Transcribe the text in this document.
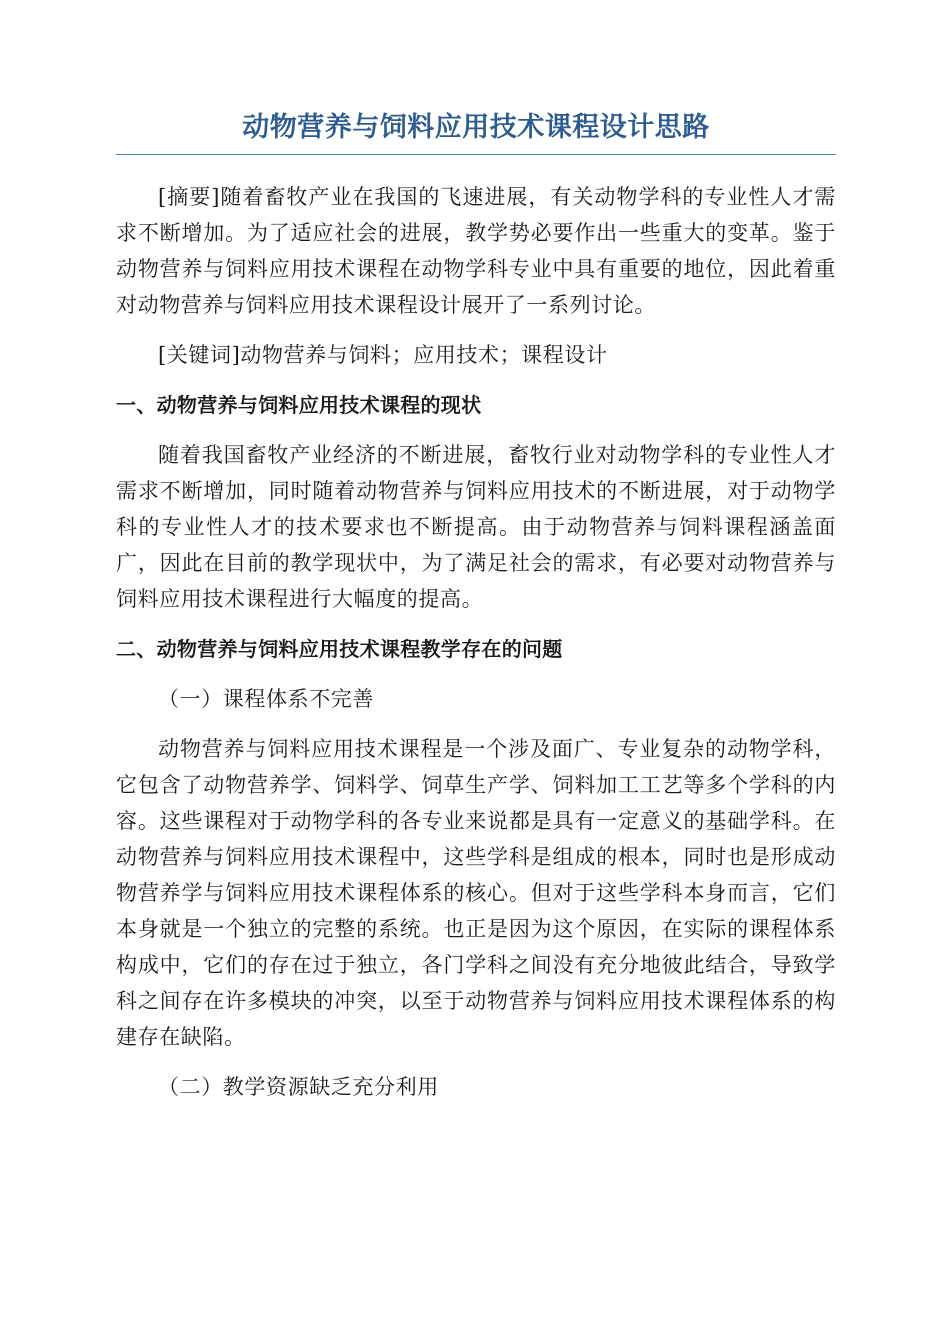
动物营养与饲料应用技术课程设计思路

[摘要]随着畜牧产业在我国的飞速进展，有关动物学科的专业性人才需求不断增加。为了适应社会的进展，教学势必要作出一些重大的变革。鉴于动物营养与饲料应用技术课程在动物学科专业中具有重要的地位，因此着重对动物营养与饲料应用技术课程设计展开了一系列讨论。

[关键词]动物营养与饲料；应用技术；课程设计

一、动物营养与饲料应用技术课程的现状

随着我国畜牧产业经济的不断进展，畜牧行业对动物学科的专业性人才需求不断增加，同时随着动物营养与饲料应用技术的不断进展，对于动物学科的专业性人才的技术要求也不断提高。由于动物营养与饲料课程涵盖面广，因此在目前的教学现状中，为了满足社会的需求，有必要对动物营养与饲料应用技术课程进行大幅度的提高。

二、动物营养与饲料应用技术课程教学存在的问题

（一）课程体系不完善

动物营养与饲料应用技术课程是一个涉及面广、专业复杂的动物学科，它包含了动物营养学、饲料学、饲草生产学、饲料加工工艺等多个学科的内容。这些课程对于动物学科的各专业来说都是具有一定意义的基础学科。在动物营养与饲料应用技术课程中，这些学科是组成的根本，同时也是形成动物营养学与饲料应用技术课程体系的核心。但对于这些学科本身而言，它们本身就是一个独立的完整的系统。也正是因为这个原因，在实际的课程体系构成中，它们的存在过于独立，各门学科之间没有充分地彼此结合，导致学科之间存在许多模块的冲突，以至于动物营养与饲料应用技术课程体系的构建存在缺陷。

（二）教学资源缺乏充分利用
